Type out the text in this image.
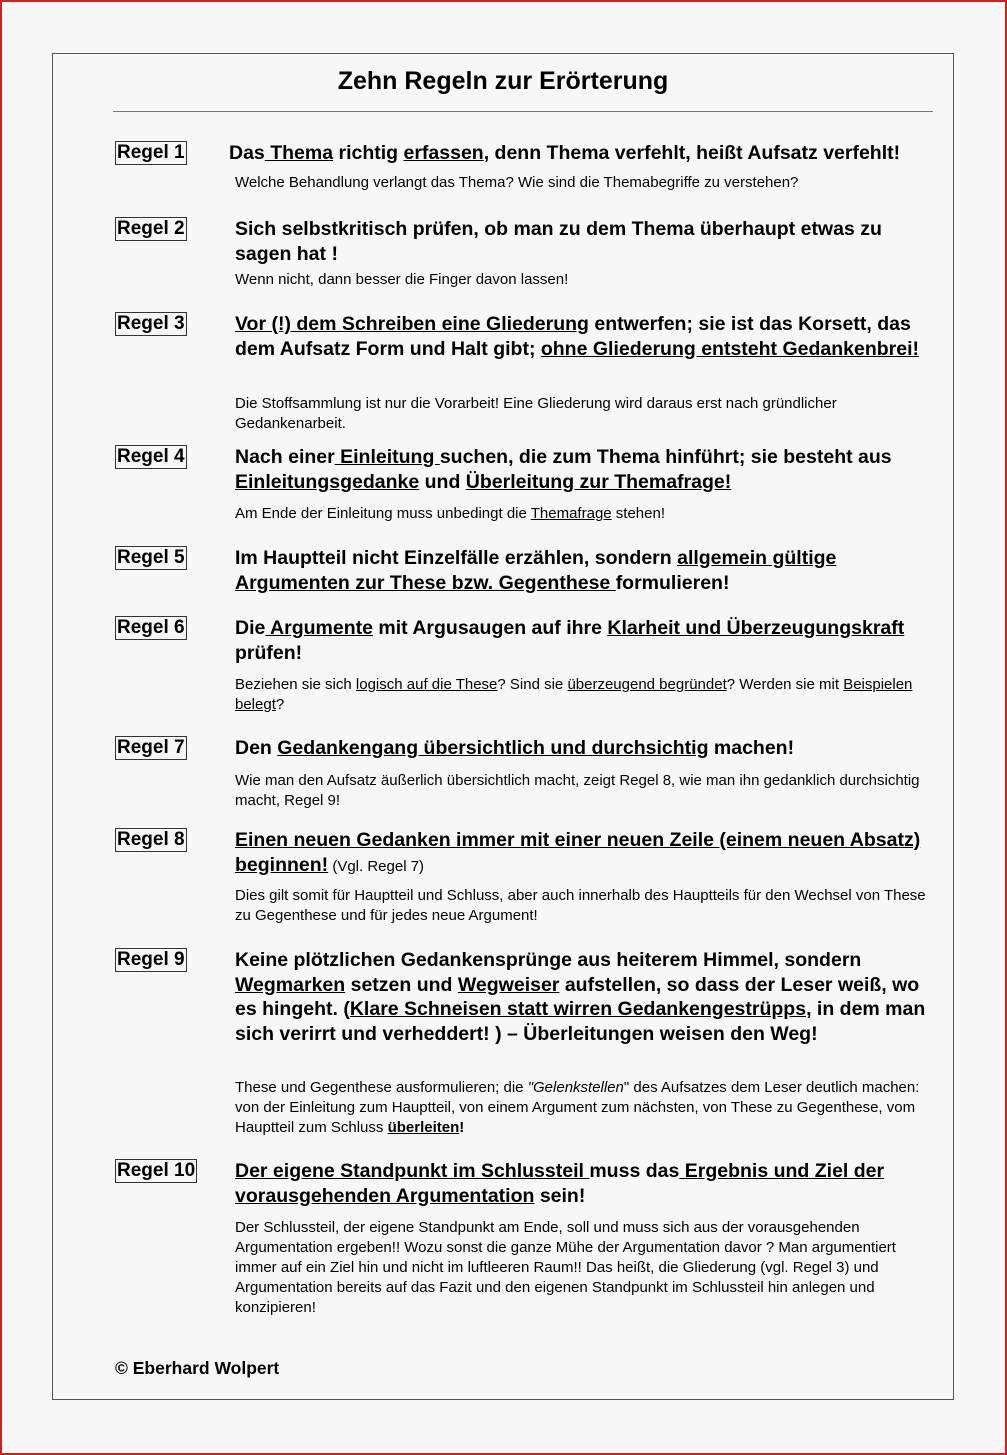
Zehn Regeln zur Erörterung
Regel 1 Das Thema richtig erfassen, denn Thema verfehlt, heißt Aufsatz verfehlt!
Welche Behandlung verlangt das Thema? Wie sind die Themabegriffe zu verstehen?
Regel 2	Sich selbstkritisch prüfen, ob man zu dem Thema überhaupt etwas zu sagen hat !
Wenn nicht, dann besser die Finger davon lassen!
Regel 3	Vor (!) dem Schreiben eine Gliederung entwerfen; sie ist das Korsett, das dem Aufsatz Form und Halt gibt; ohne Gliederung entsteht Gedankenbrei!
Die Stoffsammlung ist nur die Vorarbeit! Eine Gliederung wird daraus erst nach gründlicher Gedankenarbeit.
Regel 4	Nach einer Einleitung suchen, die zum Thema hinführt; sie besteht aus Einleitungsgedanke und Überleitung zur Themafrage!
Am Ende der Einleitung muss unbedingt die Themafrage stehen!
Regel 5	Im Hauptteil nicht Einzelfälle erzählen, sondern allgemein gültige Argumenten zur These bzw. Gegenthese formulieren!
Regel 6	Die Argumente mit Argusaugen auf ihre Klarheit und Überzeugungskraft prüfen!
Beziehen sie sich logisch auf die These? Sind sie überzeugend begründet? Werden sie mit Beispielen belegt?
Regel 7	Den Gedankengang übersichtlich und durchsichtig machen!
Wie man den Aufsatz äußerlich übersichtlich macht, zeigt Regel 8, wie man ihn gedanklich durchsichtig macht, Regel 9!
Regel 8	Einen neuen Gedanken immer mit einer neuen Zeile (einem neuen Absatz) beginnen! (Vgl. Regel 7)
Dies gilt somit für Hauptteil und Schluss, aber auch innerhalb des Hauptteils für den Wechsel von These zu Gegenthese und für jedes neue Argument!
Regel 9	Keine plötzlichen Gedankensprünge aus heiterem Himmel, sondern Wegmarken setzen und Wegweiser aufstellen, so dass der Leser weiß, wo es hingeht. (Klare Schneisen statt wirren Gedankengestrüpps, in dem man sich verirrt und verheddert! ) – Überleitungen weisen den Weg!
These und Gegenthese ausformulieren; die "Gelenkstellen" des Aufsatzes dem Leser deutlich machen: von der Einleitung zum Hauptteil, von einem Argument zum nächsten, von These zu Gegenthese, vom Hauptteil zum Schluss überleiten!
Regel 10 Der eigene Standpunkt im Schlussteil muss das Ergebnis und Ziel der vorausgehenden Argumentation sein!
Der Schlussteil, der eigene Standpunkt am Ende, soll und muss sich aus der vorausgehenden Argumentation ergeben!! Wozu sonst die ganze Mühe der Argumentation davor ? Man argumentiert immer auf ein Ziel hin und nicht im luftleeren Raum!! Das heißt, die Gliederung (vgl. Regel 3) und Argumentation bereits auf das Fazit und den eigenen Standpunkt im Schlussteil hin anlegen und konzipieren!
© Eberhard Wolpert
